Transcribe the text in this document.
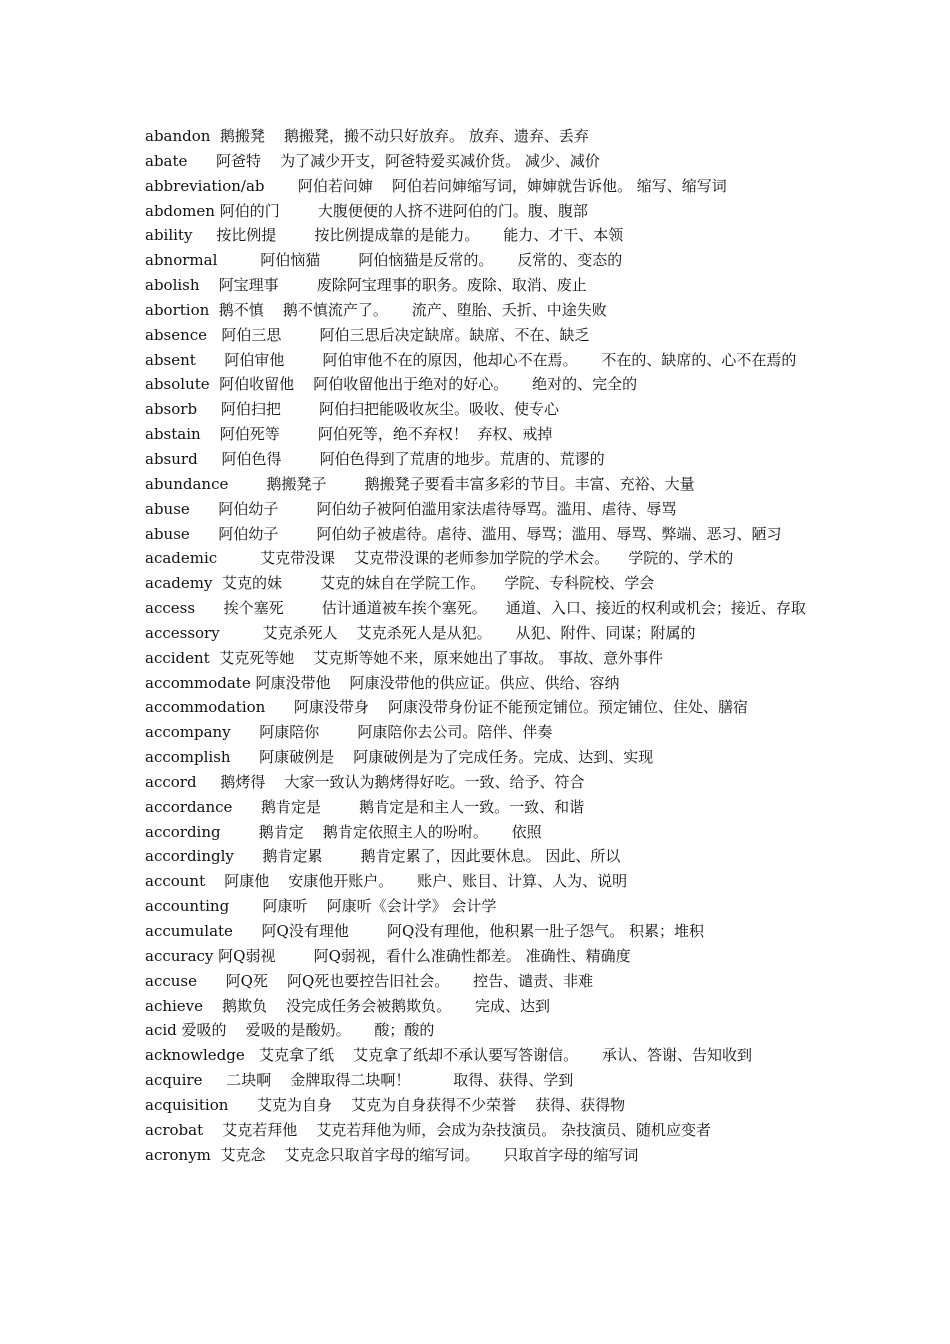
abandon  鹅搬凳    鹅搬凳，搬不动只好放弃。 放弃、遗弃、丢弃
abate      阿爸特    为了减少开支，阿爸特爱买减价货。 减少、减价
abbreviation/ab       阿伯若问婶    阿伯若问婶缩写词，婶婶就告诉他。 缩写、缩写词
abdomen 阿伯的门        大腹便便的人挤不进阿伯的门。腹、腹部
ability     按比例提        按比例提成靠的是能力。     能力、才干、本领
abnormal         阿伯恼猫        阿伯恼猫是反常的。     反常的、变态的
abolish    阿宝理事        废除阿宝理事的职务。废除、取消、废止
abortion  鹅不慎    鹅不慎流产了。     流产、堕胎、夭折、中途失败
absence   阿伯三思        阿伯三思后决定缺席。缺席、不在、缺乏
absent      阿伯审他        阿伯审他不在的原因，他却心不在焉。     不在的、缺席的、心不在焉的
absolute  阿伯收留他    阿伯收留他出于绝对的好心。     绝对的、完全的
absorb     阿伯扫把        阿伯扫把能吸收灰尘。吸收、使专心
abstain    阿伯死等        阿伯死等，绝不弃权！  弃权、戒掉
absurd     阿伯色得        阿伯色得到了荒唐的地步。荒唐的、荒谬的
abundance        鹅搬凳子        鹅搬凳子要看丰富多彩的节目。丰富、充裕、大量
abuse      阿伯幼子        阿伯幼子被阿伯滥用家法虐待辱骂。滥用、虐待、辱骂
abuse      阿伯幼子        阿伯幼子被虐待。虐待、滥用、辱骂；滥用、辱骂、弊端、恶习、陋习
academic         艾克带没课    艾克带没课的老师参加学院的学术会。    学院的、学术的
academy  艾克的妹        艾克的妹自在学院工作。    学院、专科院校、学会
access      挨个塞死        估计通道被车挨个塞死。    通道、入口、接近的权利或机会；接近、存取
accessory         艾克杀死人    艾克杀死人是从犯。     从犯、附件、同谋；附属的
accident  艾克死等她    艾克斯等她不来，原来她出了事故。 事故、意外事件
accommodate 阿康没带他    阿康没带他的供应证。供应、供给、容纳
accommodation      阿康没带身    阿康没带身份证不能预定铺位。预定铺位、住处、膳宿
accompany      阿康陪你        阿康陪你去公司。陪伴、伴奏
accomplish      阿康破例是    阿康破例是为了完成任务。完成、达到、实现
accord     鹅烤得    大家一致认为鹅烤得好吃。一致、给予、符合
accordance      鹅肯定是        鹅肯定是和主人一致。一致、和谐
according        鹅肯定    鹅肯定依照主人的吩咐。     依照
accordingly      鹅肯定累        鹅肯定累了，因此要休息。 因此、所以
account    阿康他    安康他开账户。     账户、账目、计算、人为、说明
accounting       阿康听    阿康听《会计学》 会计学
accumulate      阿Q没有理他        阿Q没有理他，他积累一肚子怨气。 积累；堆积
accuracy 阿Q弱视        阿Q弱视，看什么准确性都差。 准确性、精确度
accuse      阿Q死    阿Q死也要控告旧社会。     控告、谴责、非难
achieve    鹅欺负    没完成任务会被鹅欺负。     完成、达到
acid 爱吸的    爱吸的是酸奶。     酸；酸的
acknowledge   艾克拿了纸    艾克拿了纸却不承认要写答谢信。     承认、答谢、告知收到
acquire     二块啊    金牌取得二块啊！         取得、获得、学到
acquisition      艾克为自身    艾克为自身获得不少荣誉    获得、获得物
acrobat    艾克若拜他    艾克若拜他为师，会成为杂技演员。 杂技演员、随机应变者
acronym  艾克念    艾克念只取首字母的缩写词。     只取首字母的缩写词
